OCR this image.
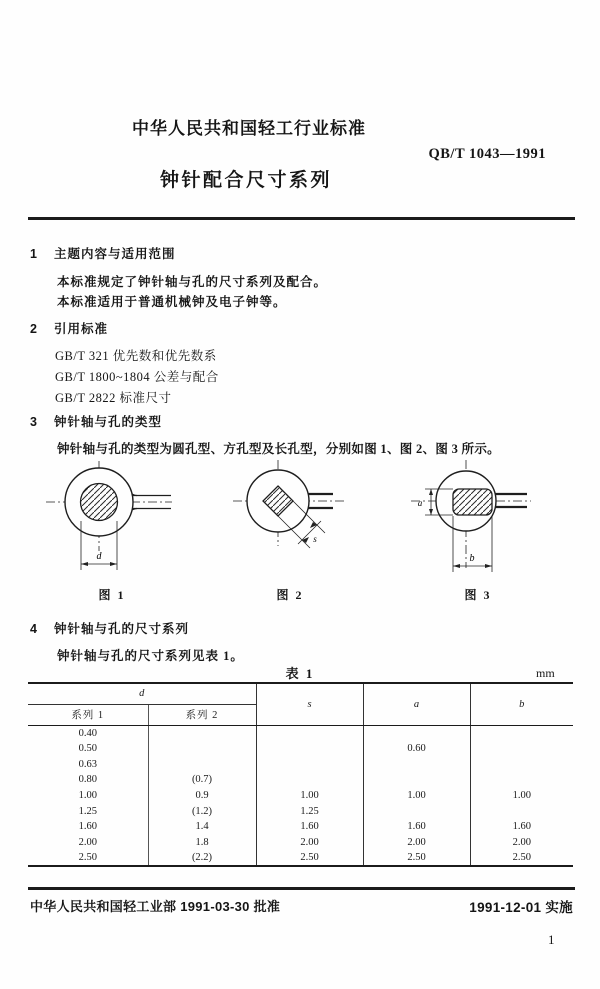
中华人民共和国轻工行业标准
QB/T 1043—1991
钟针配合尺寸系列
1 主题内容与适用范围
本标准规定了钟针轴与孔的尺寸系列及配合。
本标准适用于普通机械钟及电子钟等。
2 引用标准
GB/T 321 优先数和优先数系
GB/T 1800~1804 公差与配合
GB/T 2822 标准尺寸
3 钟针轴与孔的类型
钟针轴与孔的类型为圆孔型、方孔型及长孔型，分别如图 1、图 2、图 3 所示。
d
图 1
s
图 2
a
b
图 3
4 钟针轴与孔的尺寸系列
钟针轴与孔的尺寸系列见表 1。
表 1	mm
d		s	a	b
系列 1	系列 2			
0.40				
0.50			0.60	
0.63				
0.80	(0.7)			
1.00	0.9	1.00	1.00	1.00
1.25	(1.2)	1.25		
1.60	1.4	1.60	1.60	1.60
2.00	1.8	2.00	2.00	2.00
2.50	(2.2)	2.50	2.50	2.50
中华人民共和国轻工业部 1991-03-30 批准	1991-12-01 实施
1
